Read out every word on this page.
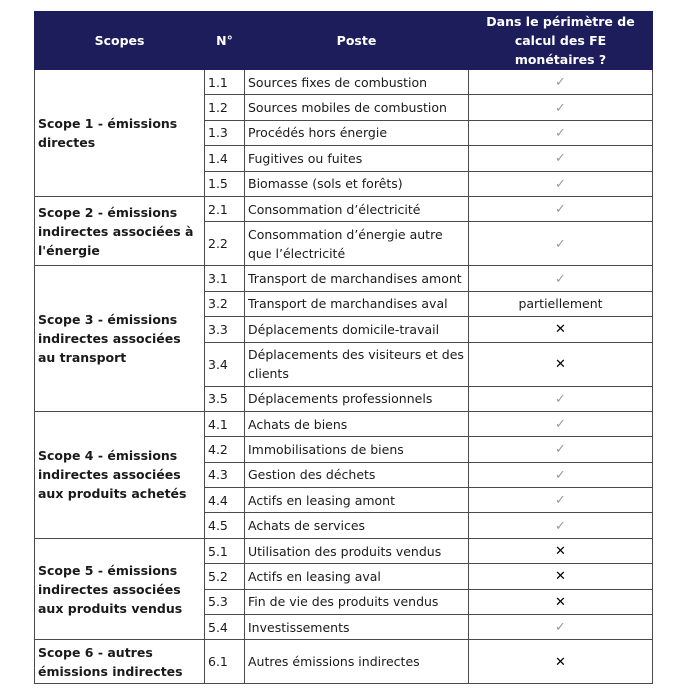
Scopes	N°	Poste	Dans le périmètre de calcul des FE monétaires ?
Scope 1 - émissions directes	1.1	Sources fixes de combustion	✓
	1.2	Sources mobiles de combustion	✓
	1.3	Procédés hors énergie	✓
	1.4	Fugitives ou fuites	✓
	1.5	Biomasse (sols et forêts)	✓
Scope 2 - émissions indirectes associées à l'énergie	2.1	Consommation d’électricité	✓
	2.2	Consommation d’énergie autre que l’électricité	✓
Scope 3 - émissions indirectes associées au transport	3.1	Transport de marchandises amont	✓
	3.2	Transport de marchandises aval	partiellement
	3.3	Déplacements domicile-travail	✕
	3.4	Déplacements des visiteurs et des clients	✕
	3.5	Déplacements professionnels	✓
Scope 4 - émissions indirectes associées aux produits achetés	4.1	Achats de biens	✓
	4.2	Immobilisations de biens	✓
	4.3	Gestion des déchets	✓
	4.4	Actifs en leasing amont	✓
	4.5	Achats de services	✓
Scope 5 - émissions indirectes associées aux produits vendus	5.1	Utilisation des produits vendus	✕
	5.2	Actifs en leasing aval	✕
	5.3	Fin de vie des produits vendus	✕
	5.4	Investissements	✓
Scope 6 - autres émissions indirectes	6.1	Autres émissions indirectes	✕
